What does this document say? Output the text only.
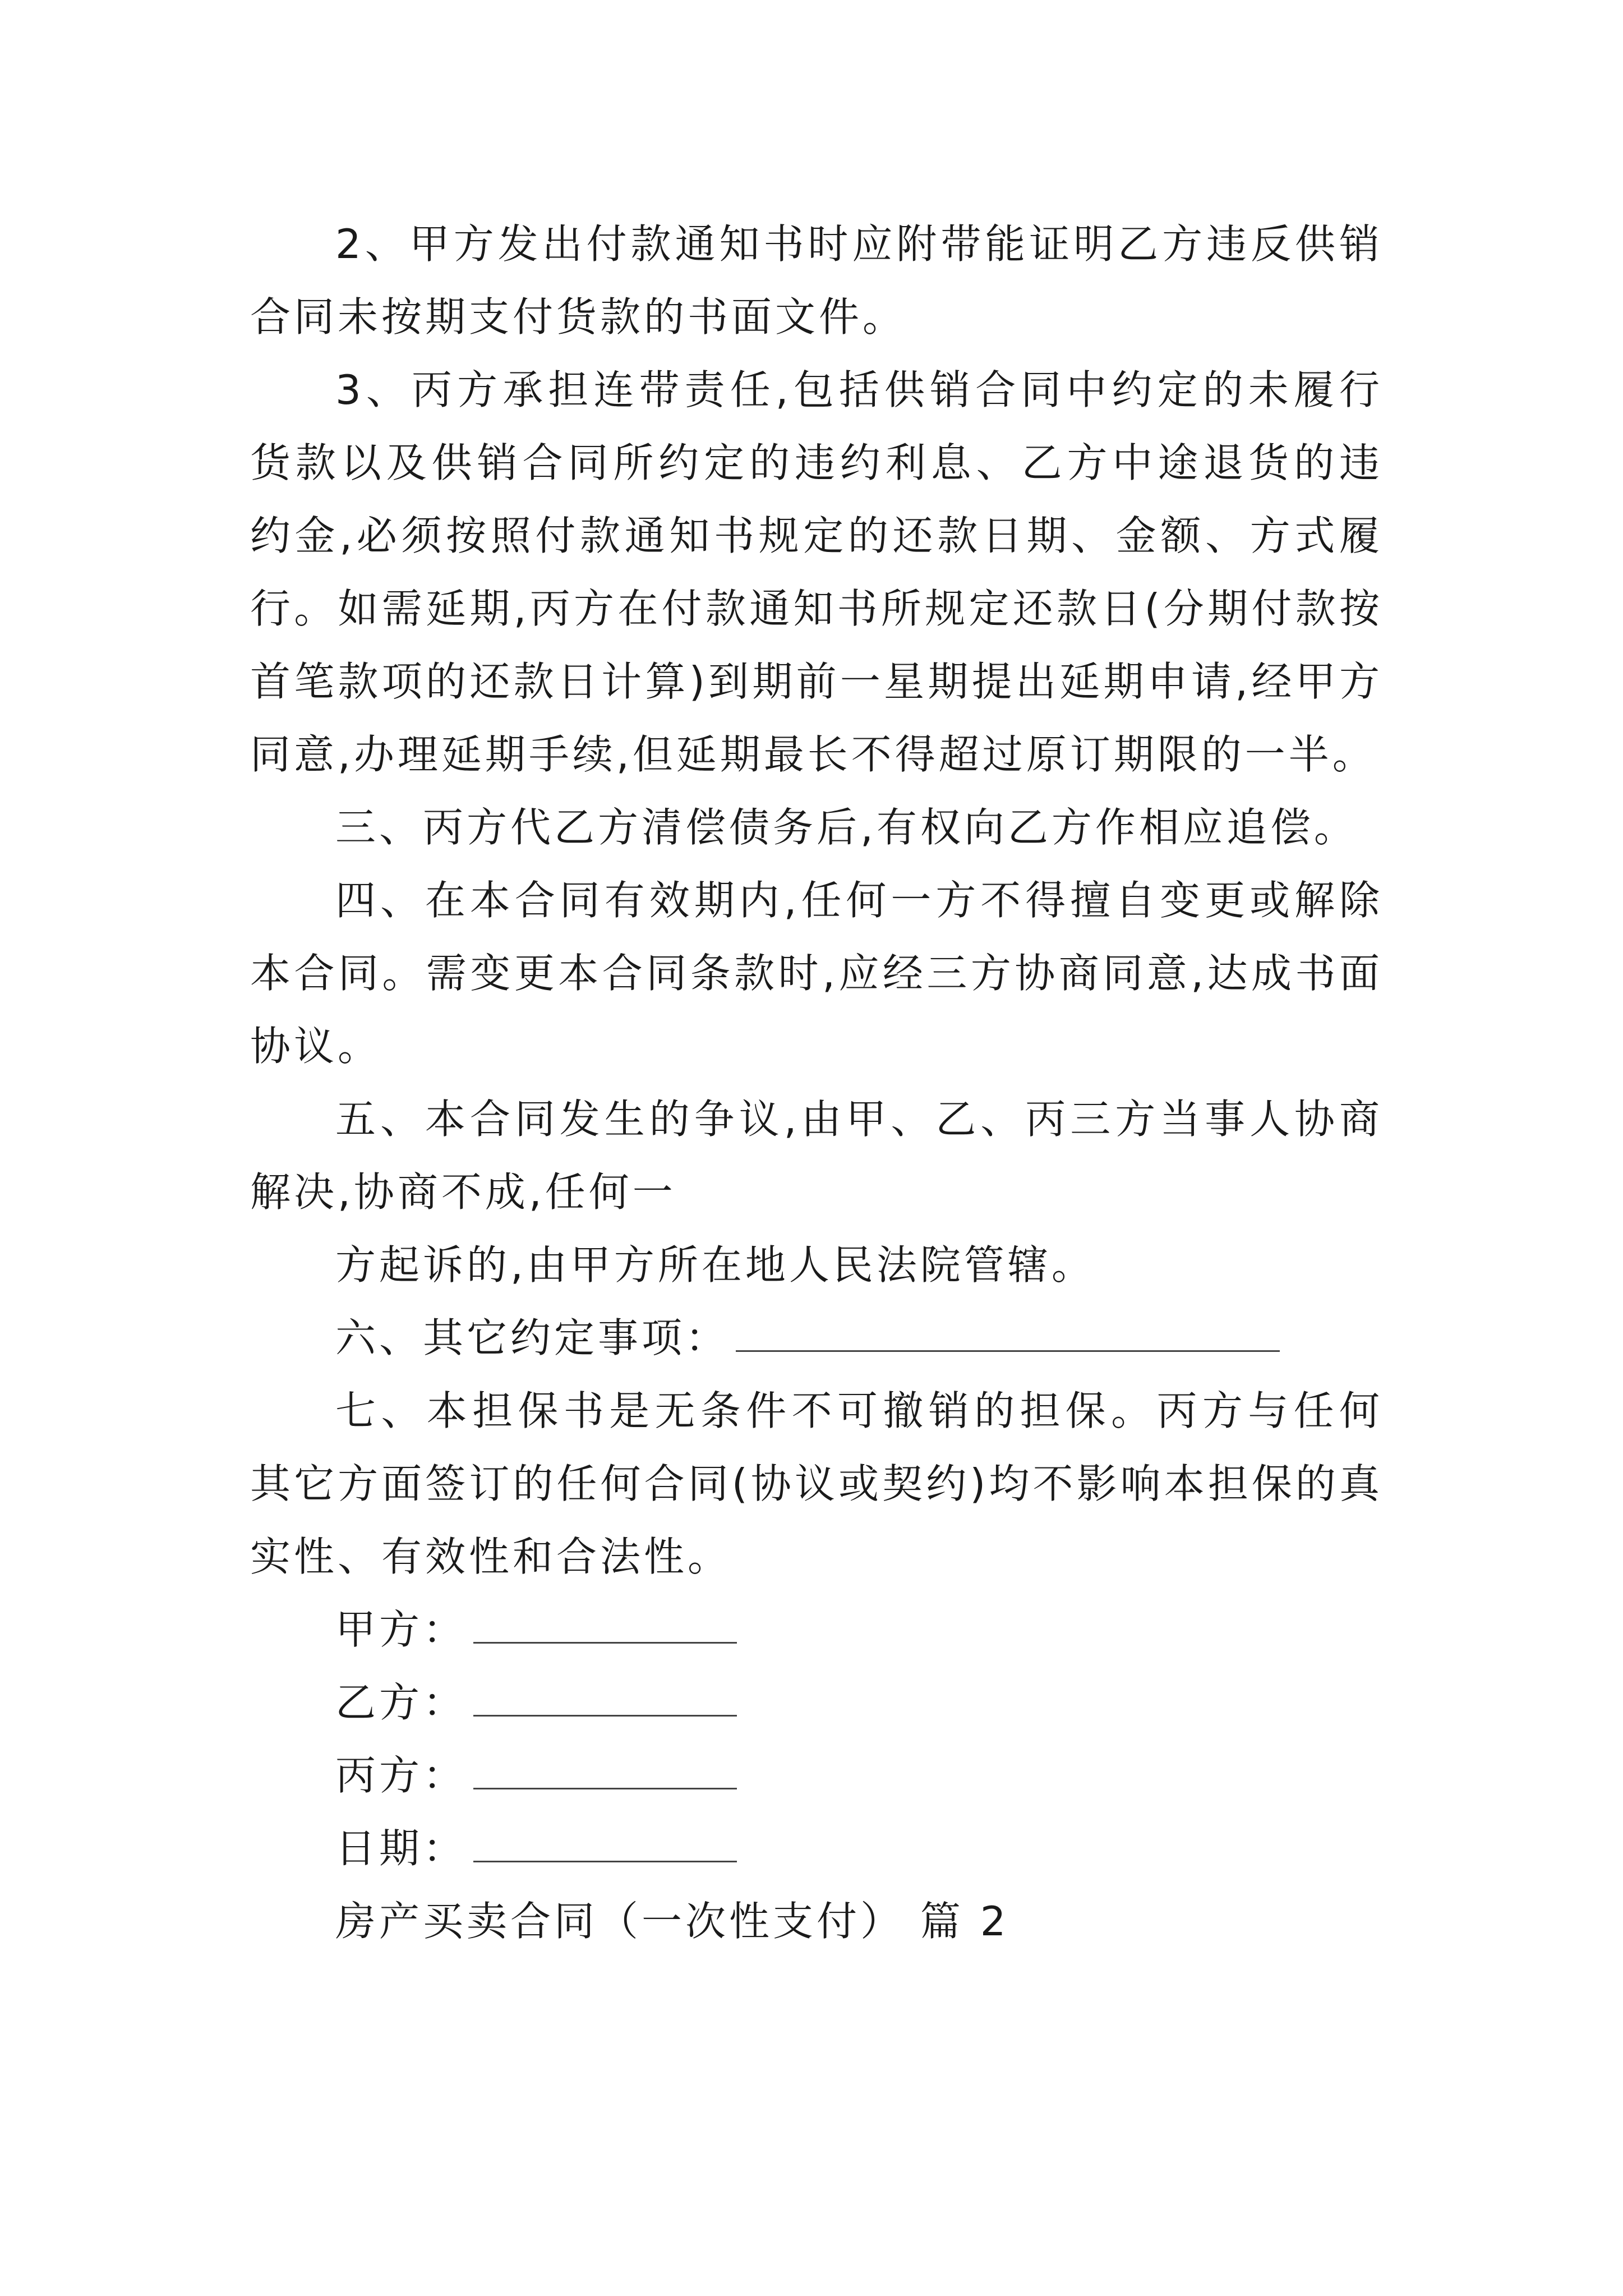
2、甲方发出付款通知书时应附带能证明乙方违反供销合同未按期支付货款的书面文件。

3、丙方承担连带责任,包括供销合同中约定的未履行货款以及供销合同所约定的违约利息、乙方中途退货的违约金,必须按照付款通知书规定的还款日期、金额、方式履行。如需延期,丙方在付款通知书所规定还款日(分期付款按首笔款项的还款日计算)到期前一星期提出延期申请,经甲方同意,办理延期手续,但延期最长不得超过原订期限的一半。

三、丙方代乙方清偿债务后,有权向乙方作相应追偿。

四、在本合同有效期内,任何一方不得擅自变更或解除本合同。需变更本合同条款时,应经三方协商同意,达成书面协议。

五、本合同发生的争议,由甲、乙、丙三方当事人协商解决,协商不成,任何一

方起诉的,由甲方所在地人民法院管辖。

六、其它约定事项：

七、本担保书是无条件不可撤销的担保。丙方与任何其它方面签订的任何合同(协议或契约)均不影响本担保的真实性、有效性和合法性。

甲方：
乙方：
丙方：
日期：
房产买卖合同（一次性支付） 篇 2
